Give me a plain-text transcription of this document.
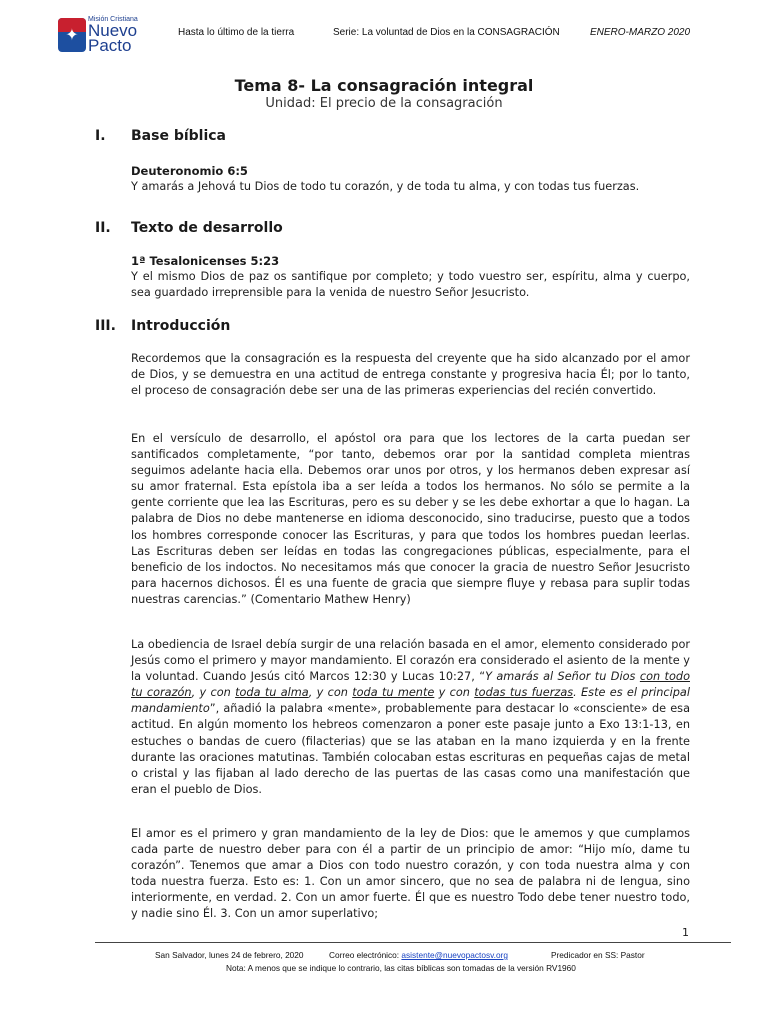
✦
Misión Cristiana
Nuevo
Pacto
Hasta lo último de la tierra	Serie: La voluntad de Dios en la CONSAGRACIÓN	ENERO-MARZO 2020
Tema 8- La consagración integral
Unidad: El precio de la consagración
I. Base bíblica
Deuteronomio 6:5
Y amarás a Jehová tu Dios de todo tu corazón, y de toda tu alma, y con todas tus fuerzas.
II. Texto de desarrollo
1ª Tesalonicenses 5:23
Y el mismo Dios de paz os santifique por completo; y todo vuestro ser, espíritu, alma y cuerpo, sea guardado irreprensible para la venida de nuestro Señor Jesucristo.
III. Introducción
Recordemos que la consagración es la respuesta del creyente que ha sido alcanzado por el amor de Dios, y se demuestra en una actitud de entrega constante y progresiva hacia Él; por lo tanto, el proceso de consagración debe ser una de las primeras experiencias del recién convertido.
En el versículo de desarrollo, el apóstol ora para que los lectores de la carta puedan ser santificados completamente, “por tanto, debemos orar por la santidad completa mientras seguimos adelante hacia ella. Debemos orar unos por otros, y los hermanos deben expresar así su amor fraternal. Esta epístola iba a ser leída a todos los hermanos. No sólo se permite a la gente corriente que lea las Escrituras, pero es su deber y se les debe exhortar a que lo hagan. La palabra de Dios no debe mantenerse en idioma desconocido, sino traducirse, puesto que a todos los hombres corresponde conocer las Escrituras, y para que todos los hombres puedan leerlas. Las Escrituras deben ser leídas en todas las congregaciones públicas, especialmente, para el beneficio de los indoctos. No necesitamos más que conocer la gracia de nuestro Señor Jesucristo para hacernos dichosos. Él es una fuente de gracia que siempre fluye y rebasa para suplir todas nuestras carencias.” (Comentario Mathew Henry)
La obediencia de Israel debía surgir de una relación basada en el amor, elemento considerado por Jesús como el primero y mayor mandamiento. El corazón era considerado el asiento de la mente y la voluntad. Cuando Jesús citó Marcos 12:30 y Lucas 10:27, “Y amarás al Señor tu Dios con todo tu corazón, y con toda tu alma, y con toda tu mente y con todas tus fuerzas. Este es el principal mandamiento”, añadió la palabra «mente», probablemente para destacar lo «consciente» de esa actitud. En algún momento los hebreos comenzaron a poner este pasaje junto a Exo 13:1-13, en estuches o bandas de cuero (filacterias) que se las ataban en la mano izquierda y en la frente durante las oraciones matutinas. También colocaban estas escrituras en pequeñas cajas de metal o cristal y las fijaban al lado derecho de las puertas de las casas como una manifestación que eran el pueblo de Dios.
El amor es el primero y gran mandamiento de la ley de Dios: que le amemos y que cumplamos cada parte de nuestro deber para con él a partir de un principio de amor: “Hijo mío, dame tu corazón”. Tenemos que amar a Dios con todo nuestro corazón, y con toda nuestra alma y con toda nuestra fuerza. Esto es: 1. Con un amor sincero, que no sea de palabra ni de lengua, sino interiormente, en verdad. 2. Con un amor fuerte. Él que es nuestro Todo debe tener nuestro todo, y nadie sino Él. 3. Con un amor superlativo;
1
San Salvador, lunes 24 de febrero, 2020	Correo electrónico: asistente@nuevopactosv.org	Predicador en SS: Pastor
Nota: A menos que se indique lo contrario, las citas bíblicas son tomadas de la versión RV1960
